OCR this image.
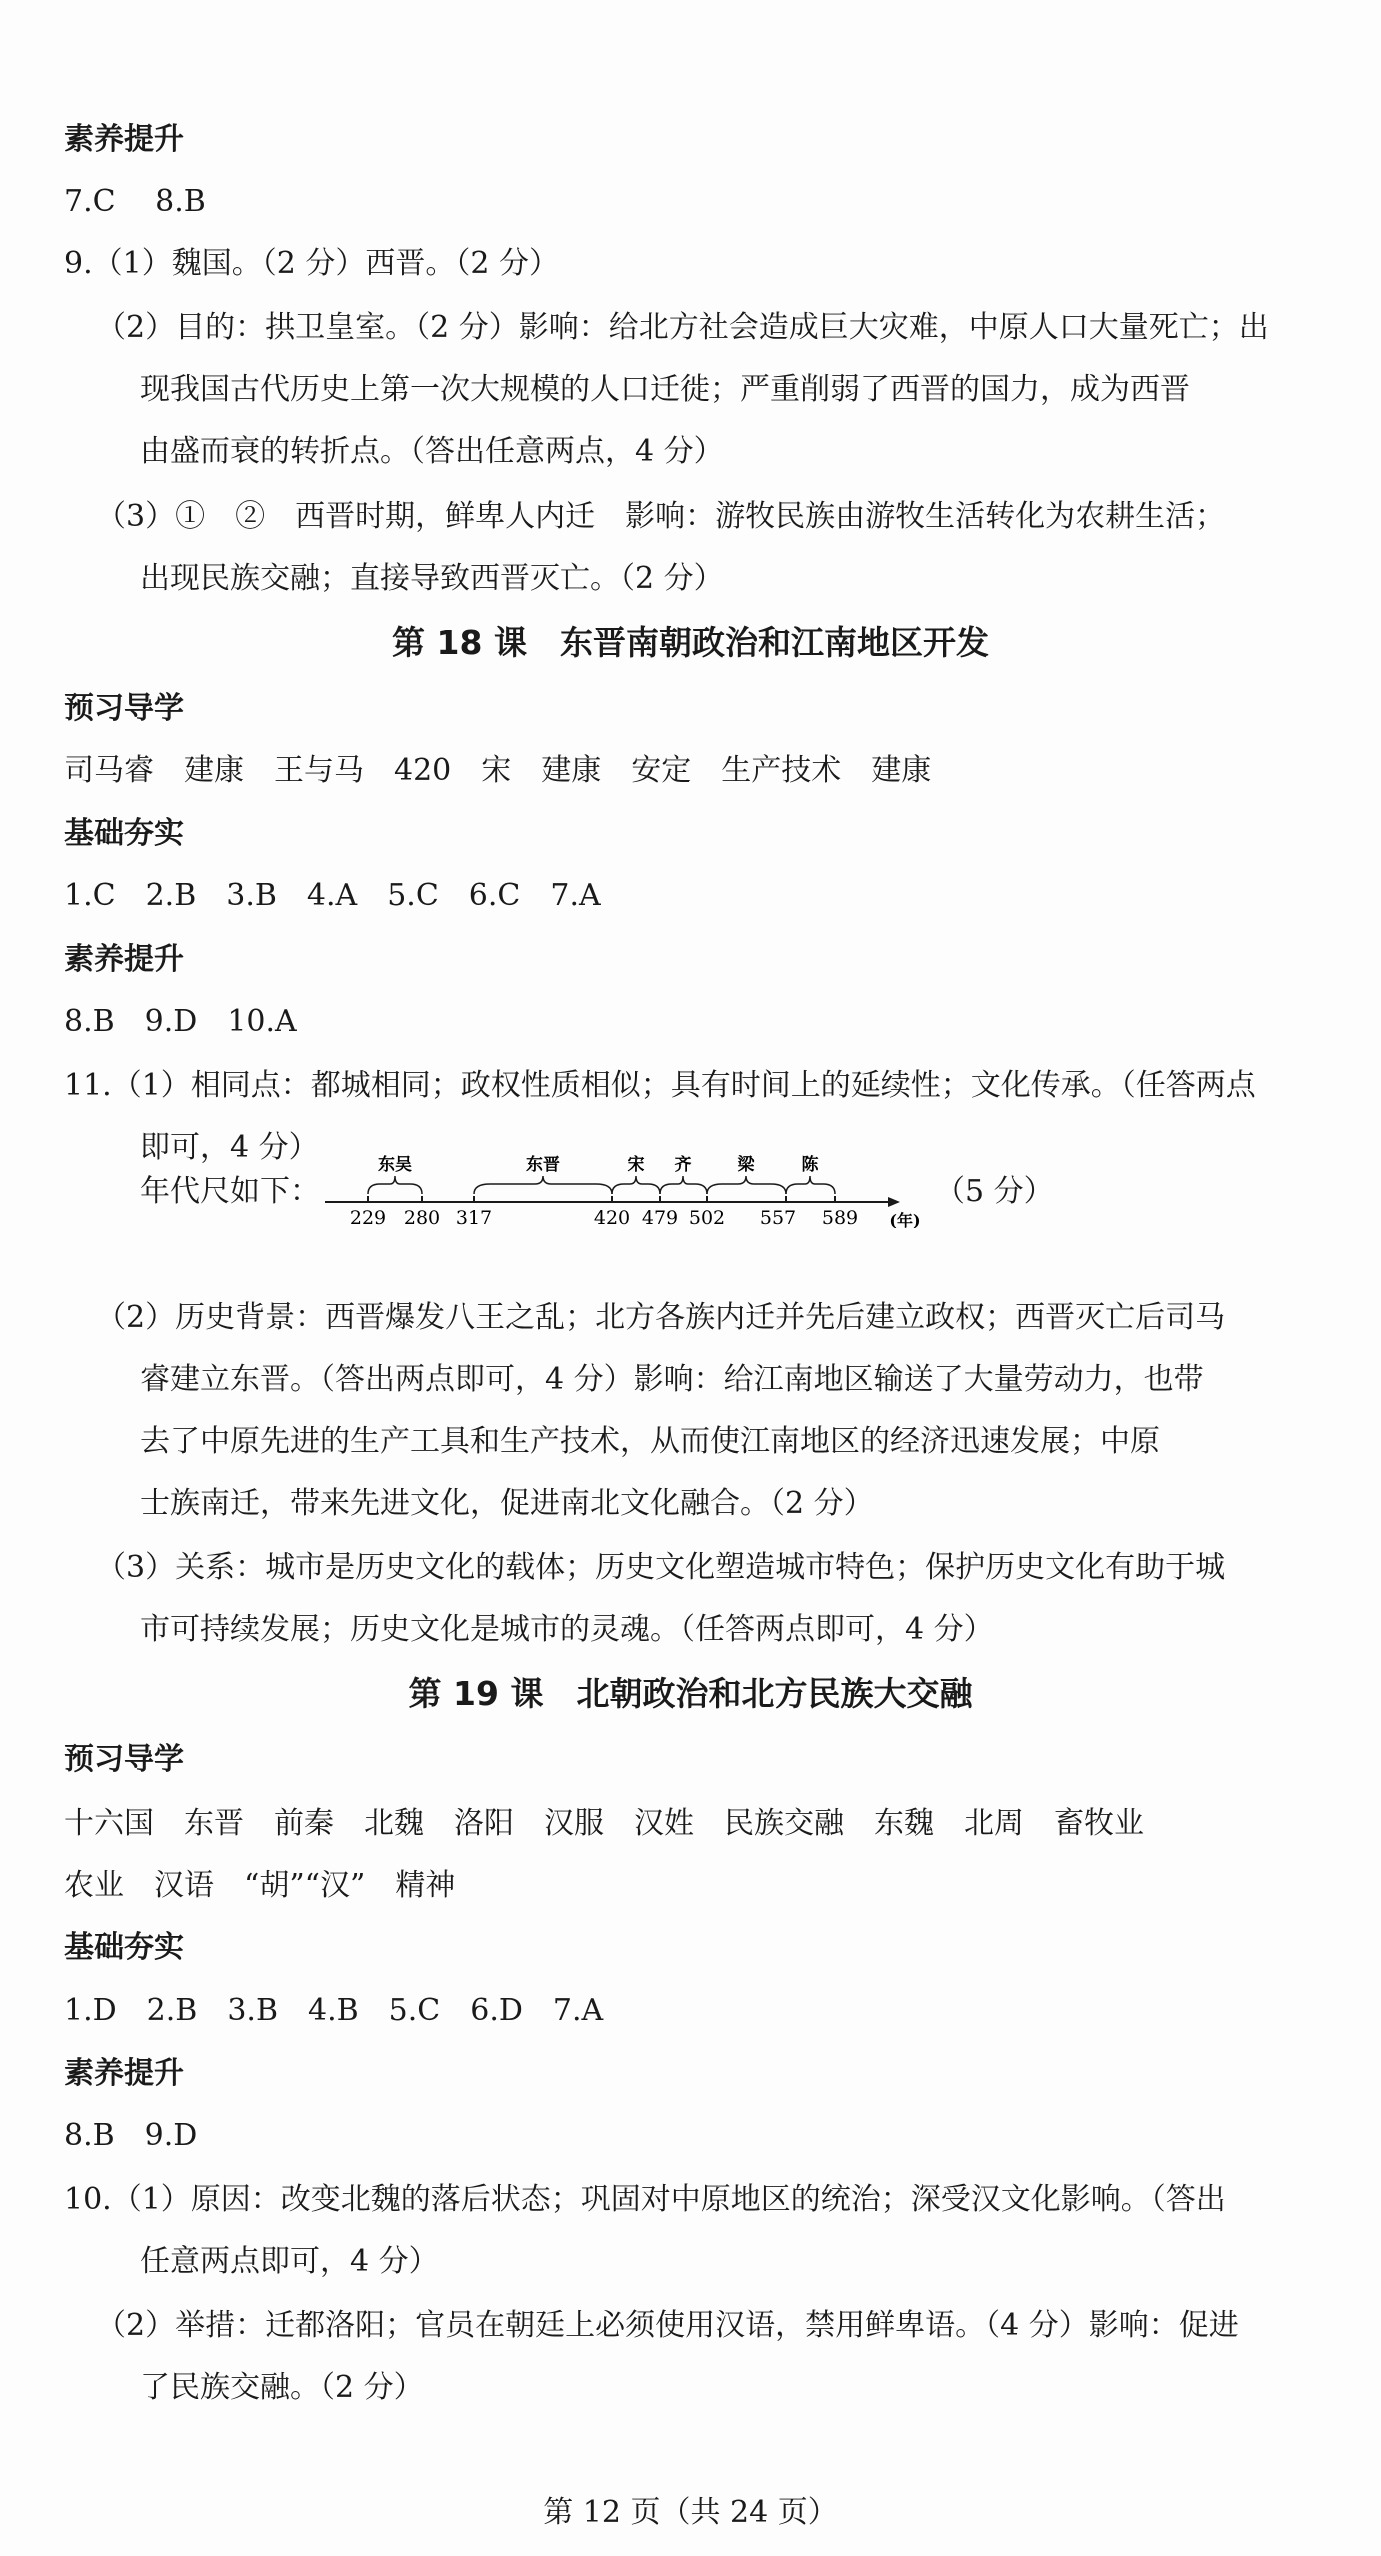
素养提升
7.C　 8.B
9.（1）魏国。（2 分）西晋。（2 分）
（2）目的：拱卫皇室。（2 分）影响：给北方社会造成巨大灾难，中原人口大量死亡；出
现我国古代历史上第一次大规模的人口迁徙；严重削弱了西晋的国力，成为西晋
由盛而衰的转折点。（答出任意两点，4 分）
（3）①　②　西晋时期，鲜卑人内迁　影响：游牧民族由游牧生活转化为农耕生活；
出现民族交融；直接导致西晋灭亡。（2 分）
第 18 课　东晋南朝政治和江南地区开发
预习导学
司马睿　建康　王与马　420　宋　建康　安定　生产技术　建康
基础夯实
1.C　2.B　3.B　4.A　5.C　6.C　7.A
素养提升
8.B　9.D　10.A
11.（1）相同点：都城相同；政权性质相似；具有时间上的延续性；文化传承。（任答两点
即可，4 分）
年代尺如下：
东吴	东晋	宋 齐	梁	陈
229 280 317	420 479 502 557 589 (年)
（5 分）
（2）历史背景：西晋爆发八王之乱；北方各族内迁并先后建立政权；西晋灭亡后司马
睿建立东晋。（答出两点即可，4 分）影响：给江南地区输送了大量劳动力，也带
去了中原先进的生产工具和生产技术，从而使江南地区的经济迅速发展；中原
士族南迁，带来先进文化，促进南北文化融合。（2 分）
（3）关系：城市是历史文化的载体；历史文化塑造城市特色；保护历史文化有助于城
市可持续发展；历史文化是城市的灵魂。（任答两点即可，4 分）
第 19 课　北朝政治和北方民族大交融
预习导学
十六国　东晋　前秦　北魏　洛阳　汉服　汉姓　民族交融　东魏　北周　畜牧业
农业　汉语　“胡”“汉”　精神
基础夯实
1.D　2.B　3.B　4.B　5.C　6.D　7.A
素养提升
8.B　9.D
10.（1）原因：改变北魏的落后状态；巩固对中原地区的统治；深受汉文化影响。（答出
任意两点即可，4 分）
（2）举措：迁都洛阳；官员在朝廷上必须使用汉语，禁用鲜卑语。（4 分）影响：促进
了民族交融。（2 分）
第 12 页（共 24 页）
